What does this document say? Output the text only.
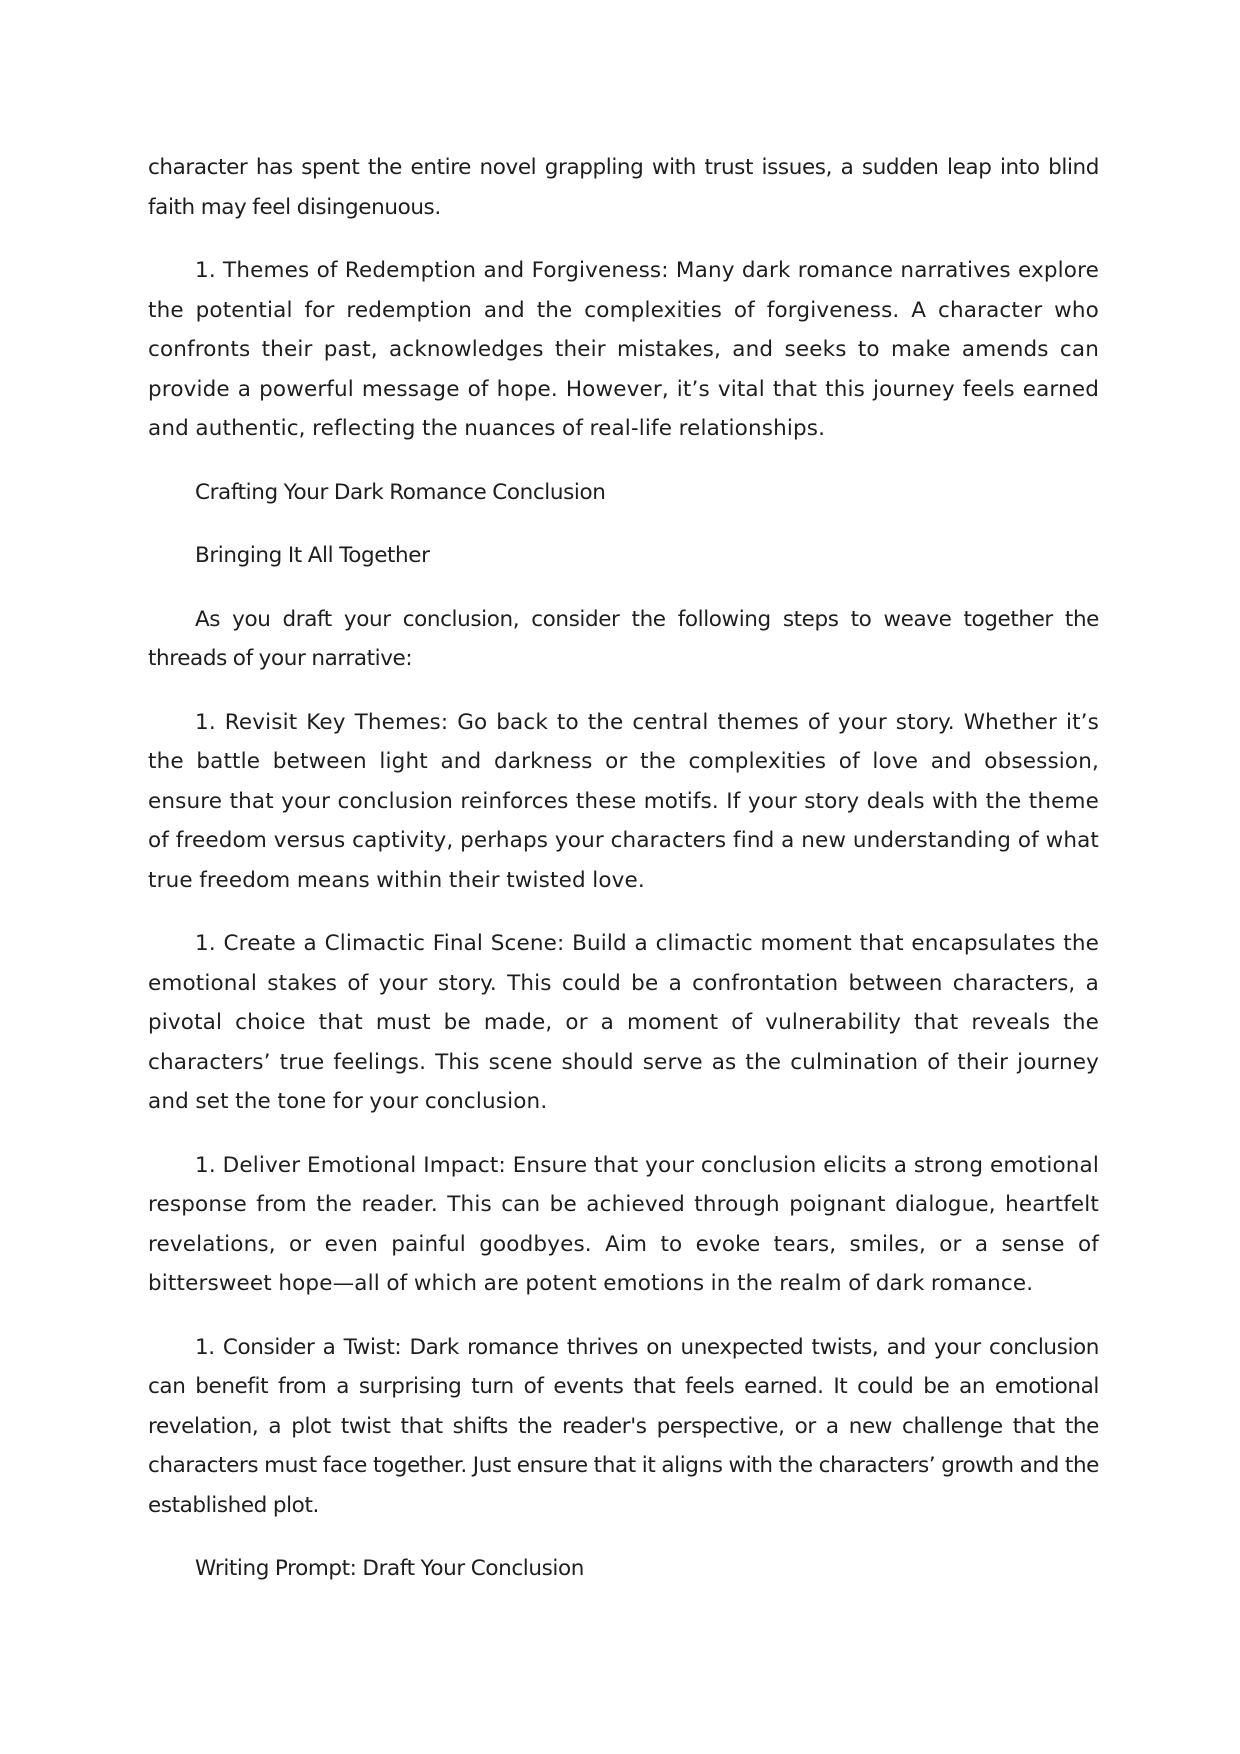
character has spent the entire novel grappling with trust issues, a sudden leap into blind faith may feel disingenuous.

1. Themes of Redemption and Forgiveness: Many dark romance narratives explore the potential for redemption and the complexities of forgiveness. A character who confronts their past, acknowledges their mistakes, and seeks to make amends can provide a powerful message of hope. However, it’s vital that this journey feels earned and authentic, reflecting the nuances of real-life relationships.

Crafting Your Dark Romance Conclusion

Bringing It All Together

As you draft your conclusion, consider the following steps to weave together the threads of your narrative:

1. Revisit Key Themes: Go back to the central themes of your story. Whether it’s the battle between light and darkness or the complexities of love and obsession, ensure that your conclusion reinforces these motifs. If your story deals with the theme of freedom versus captivity, perhaps your characters find a new understanding of what true freedom means within their twisted love.

1. Create a Climactic Final Scene: Build a climactic moment that encapsulates the emotional stakes of your story. This could be a confrontation between characters, a pivotal choice that must be made, or a moment of vulnerability that reveals the characters’ true feelings. This scene should serve as the culmination of their journey and set the tone for your conclusion.

1. Deliver Emotional Impact: Ensure that your conclusion elicits a strong emotional response from the reader. This can be achieved through poignant dialogue, heartfelt revelations, or even painful goodbyes. Aim to evoke tears, smiles, or a sense of bittersweet hope—all of which are potent emotions in the realm of dark romance.

1. Consider a Twist: Dark romance thrives on unexpected twists, and your conclusion can benefit from a surprising turn of events that feels earned. It could be an emotional revelation, a plot twist that shifts the reader's perspective, or a new challenge that the characters must face together. Just ensure that it aligns with the characters’ growth and the established plot.

Writing Prompt: Draft Your Conclusion
